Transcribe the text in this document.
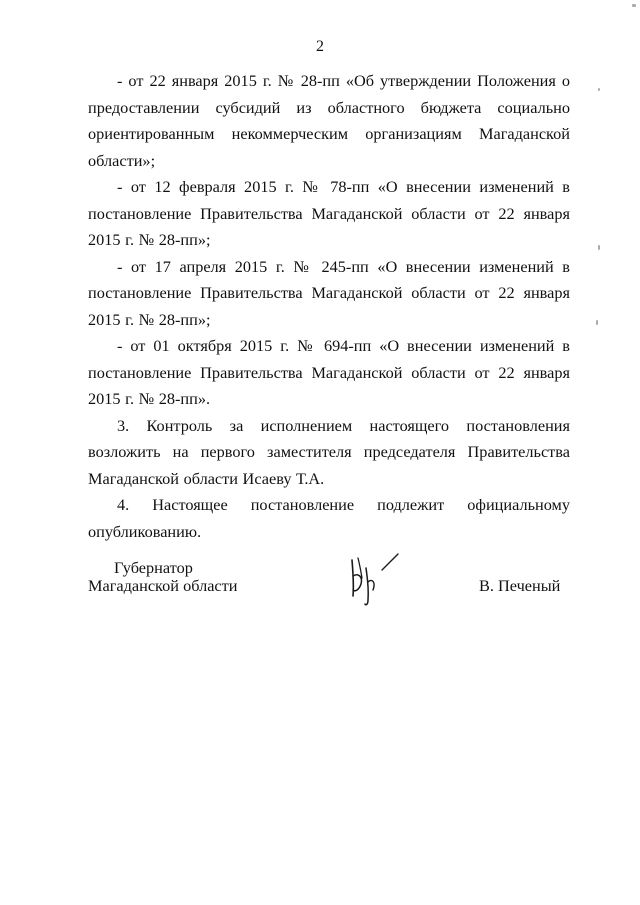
2

- от 22 января 2015 г. № 28-пп «Об утверждении Положения о предоставлении субсидий из областного бюджета социально ориентированным некоммерческим организациям Магаданской области»;

- от 12 февраля 2015 г. № 78-пп «О внесении изменений в постановление Правительства Магаданской области от 22 января 2015 г. № 28-пп»;

- от 17 апреля 2015 г. № 245-пп «О внесении изменений в постановление Правительства Магаданской области от 22 января 2015 г. № 28-пп»;

- от 01 октября 2015 г. № 694-пп «О внесении изменений в постановление Правительства Магаданской области от 22 января 2015 г. № 28-пп».

3. Контроль за исполнением настоящего постановления возложить на первого заместителя председателя Правительства Магаданской области Исаеву Т.А.

4. Настоящее постановление подлежит официальному опубликованию.

Губернатор
Магаданской области	В. Печеный
